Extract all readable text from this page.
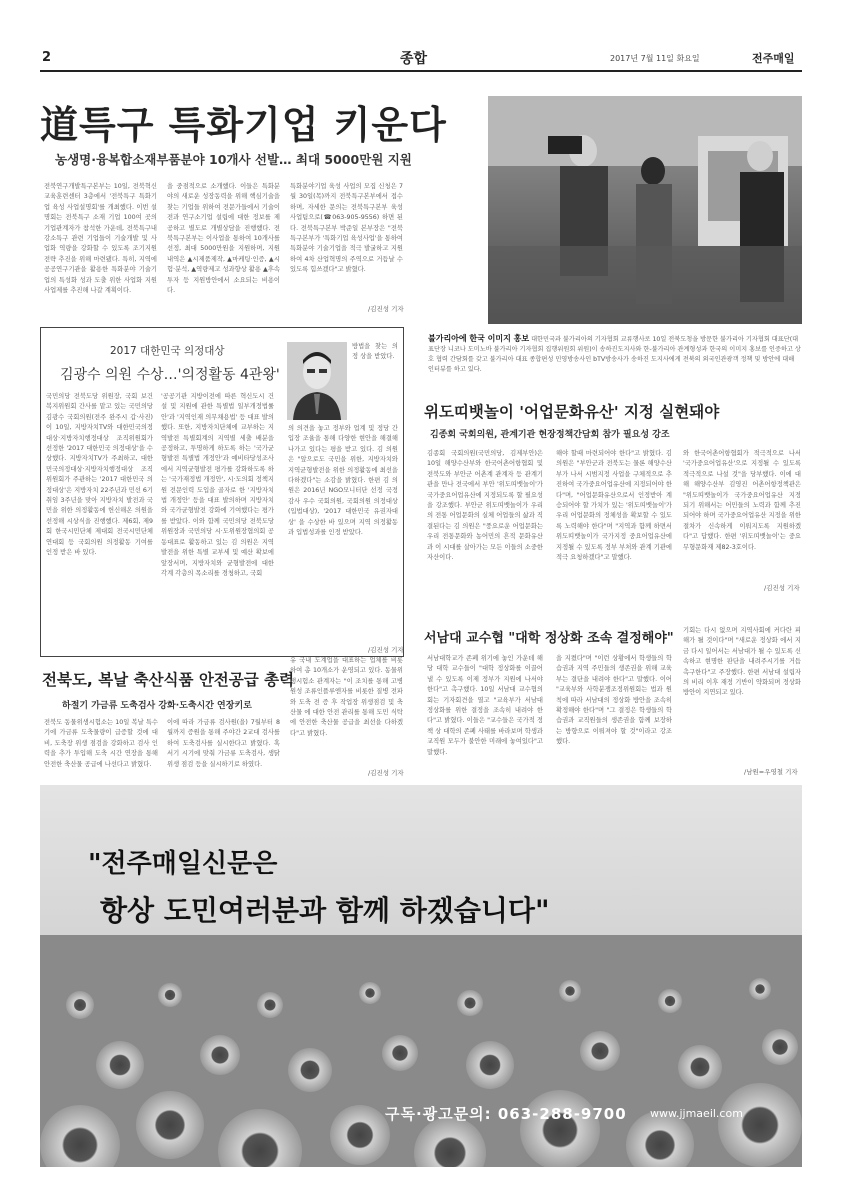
2	종합	2017년 7월 11일 화요일	전주매일
道특구 특화기업 키운다
농생명·융복합소재부품분야 10개사 선발… 최대 5000만원 지원
전북연구개발특구본부는 10일, 전북혁신교육훈련센터 3층에서 '전북특구 특화기업 육성 사업설명회'를 개최했다. 이번 설명회는 전북특구 소재 기업 100여 곳의 기업관계자가 참석한 가운데, 전북특구내 강소특구 관련 기업들이 기술개발 및 사업화 역량을 강화할 수 있도록 조기지원 전략 추진을 위해 마련됐다. 특히, 지역에 공공연구기관을 활용한 특화분야 기술기업의 특성화 성과 도출 위한 사업화 지원 사업제를 추진해 나갈 계획이다.
을 중점적으로 소개했다. 이들은 특화분야의 새로운 성장동력을 위해 핵심기술을 찾는 기업들 위하여 전문가들에서 기술이전과 연구소기업 설립에 대한 정보를 제공하고 별도로 개별상담을 진행했다. 전북특구본부는 이사업을 통하여 10개사를 선정, 최대 5000만원을 지원하며, 지원내역은 ▲시제품제작, ▲마케팅·인증, ▲시험·분석, ▲역량제고 성과향상 활용 ▲후속투자 등 지원방안에서 소요되는 비용이다.
특화분야기업 육성 사업의 모집 신청은 7월 30일(목)까지 전북특구본부에서 접수하며, 자세한 문의는 전북특구본부 육성사업팀으로(☎063-905-9556) 하면 된다. 전북특구본부 박준일 본부장은 "전북특구본부가 '특화기업 육성사업'을 통하여 특화분야 기술기업을 적극 발굴하고 지원하여 4차 산업혁명의 주역으로 거듭날 수 있도록 힘쓰겠다"고 밝혔다.
/김진성 기자
불가리아에 한국 이미지 홍보 대한민국과 불가리아의 기자협회 교류행사로 10일 전북도청을 방문한 불가리아 기자협회 대표단(대표단장 니코나 도미노바 불가리아 기자협회 집행위원회 위원)이 송하진도지사와 한-불가리아 관계형성과 한국의 이미지 홍보를 인증하고 상호 협력 간담회를 갖고 불가리아 대표 종합편성 민영방송사인 bTV방송사가 송하진 도지사에게 전북의 외국인관광객 정책 및 방안에 대해 인터뷰를 하고 있다.
2017 대한민국 의정대상
김광수 의원 수상…'의정활동 4관왕'
방법을 찾는 의정 상을 받았다.
국민의당 전북도당 위원장, 국회 보건복지위원회 간사를 맡고 있는 국민의당 김광수 국회의원(전주 완주시 갑·사진)이 10일, 지방자치TV와 대한민국의정대상·지방자치행정대상 조직위원회가 선정한 '2017 대한민국 의정대상'을 수상했다. 지방자치TV가 주최하고, 대한민국의정대상·지방자치행정대상 조직위원회가 주관하는 '2017 대한민국 의정대상'은 지방자치 22주년과 민선 6기 취임 3주년을 맞아 지방자치 발전과 국민을 위한 의정활동에 헌신해온 의원을 선정해 시상식을 진행했다. 제6회, 제9회 한국시민단체 제대회 전국시민단체연대회 등 국회의원 의정활동 기여를 인정 받은 바 있다.
'공공기관 지방이전에 따른 혁신도시 건설 및 지원에 관한 특별법 일부개정법률안'과 '지역인재 의무채용법' 등 대표 발의했다. 또한, 지방자치단체에 교부하는 지역발전 특별회계의 지역별 세출 배분을 공정하고, 투명하게 하도록 하는 '국가균형발전 특별법 개정안'과 예비타당성조사에서 지역균형발전 평가를 강화하도록 하는 '국가재정법 개정안', 시·도의회 정책지원 전문인력 도입을 골자로 한 '지방자치법 개정안' 등을 대표 발의하며 지방자치와 국가균형발전 강화에 기여했다는 평가를 받았다. 이와 함께 국민의당 전북도당 위원장과 국민의당 시·도위원장협의회 공동대표로 활동하고 있는 김 의원은 지역 발전을 위한 특별 교부세 및 예산 확보에 앞장서며, 지방자치와 균형발전에 대한 각계 각층의 목소리를 경청하고, 국회
의 의견을 놓고 정부와 업계 및 정당 간 입장 조율을 통해 다양한 현안을 해결해 나가고 있다는 평을 받고 있다. 김 의원은 "앞으로도 국민을 위한, 지방자치와 지역균형발전을 위한 의정활동에 최선을 다하겠다"는 소감을 밝혔다. 한편 김 의원은 2016년 NGO모니터단 선정 국정감사 우수 국회의원, 국회의원 의정대상(입법대상), '2017 대한민국 유권자대상' 을 수상한 바 있으며 지역 의정활동과 입법성과를 인정 받았다.
/김진성 기자
위도띠뱃놀이 '어업문화유산' 지정 실현돼야
김종회 국회의원, 관계기관 현장정책간담회 참가 필요성 강조
김종회 국회의원(국민의당, 김제부안)은 10일 해양수산부와 한국어촌어항협회 및 전북도와 부안군 어촌계 관계자 등 관계기관을 만나 전국에서 부안 '위도띠뱃놀이'가 국가중요어업유산에 지정되도록 할 필요성을 강조했다. 부안군 위도띠뱃놀이가 우리의 전통 어업문화의 실체 어업들의 삶과 직결된다는 김 의원은 "풍요로운 어업문화는 우리 전통문화와 농어민의 흔적 문화유산과 이 시대를 살아가는 모든 이들의 소중한 자산이다.
해야 할때 마련되어야 한다"고 밝혔다. 김 의원은 "부안군과 전북도는 물론 해양수산부가 나서 시범지정 사업을 구체적으로 추진하여 국가중요어업유산에 지정되어야 한다"며, "어업문화유산으로서 인정받아 계승되어야 할 가치가 있는 '위도띠뱃놀이'가 우리 어업문화의 정체성을 확보할 수 있도록 노력해야 한다"며 "지역과 함께 하면서 위도띠뱃놀이가 국가지정 중요어업유산에 지정될 수 있도록 정부 부처와 관계 기관에 적극 요청하겠다"고 말했다.
와 한국어촌어항협회가 적극적으로 나서 '국가중요어업유산'으로 지정될 수 있도록 적극적으로 나설 것"을 당부했다. 이에 대해 해양수산부 김영진 어촌어항정책관은 "위도띠뱃놀이가 국가중요어업유산 지정 되기 위해서는 어민들의 노력과 함께 추진되어야 하며 국가중요어업유산 지정을 위한 절차가 신속하게 이뤄지도록 지원하겠다"고 답했다. 한편 '위도띠뱃놀이'는 중요무형문화재 제82-3호이다.
/김진성 기자
전북도, 복날 축산식품 안전공급 총력
하절기 가금류 도축검사 강화·도축시간 연장키로
전북도 동물위생시험소는 10일 복날 특수기에 가금류 도축물량이 급증할 것에 대비, 도축장 위생 점검을 강화하고 검사 인력을 추가 투입해 도축 시간 연장을 통해 안전한 축산물 공급에 나선다고 밝혔다.
이에 따라 가금류 검사원(을) 7월부터 8월까지 증원을 통해 주야간 2교대 검사를 하여 도축검사를 실시한다고 밝혔다. 혹서기 시기에 맞춰 가금류 도축검사, 생닭 위생 점검 등을 실시하기로 하였다.
유 국내 도계업을 대표하는 업체를 비롯하여 총 10개소가 운영되고 있다. 동물위생시험소 관계자는 "이 조치를 통해 고병원성 조류인플루엔자를 비롯한 질병 전파와 도축 전 증 후 작업장 위생점검 및 축산물 에 대한 안전 관리를 통해 도민 식탁에 안전한 축산물 공급을 최선을 다하겠다"고 밝혔다.
/김진성 기자
서남대 교수협 "대학 정상화 조속 결정해야"
서남대학교가 존폐 위기에 놓인 가운데 해당 대학 교수들이 "대학 정상화를 이끌어낼 수 있도록 이제 정부가 지원에 나서야 한다"고 촉구했다. 10일 서남대 교수협의회는 기자회견을 열고 "교육부가 서남대 정상화를 위한 결정을 조속히 내려야 한다"고 밝혔다. 이들은 "교수들은 국가적 정책 상 대학의 존폐 사태를 바라보며 학생과 교직원 모두가 불안한 미래에 놓여있다"고 말했다.
을 지켰다"며 "이런 상황에서 학생들의 학습권과 지역 주민들의 생존권을 위해 교육부는 결단을 내려야 한다"고 말했다. 이어 "교육부와 사학분쟁조정위원회는 법과 원칙에 따라 서남대의 정상화 방안을 조속히 확정해야 한다"며 "그 결정은 학생들의 학습권과 교직원들의 생존권을 함께 보장하는 방향으로 이뤄져야 할 것"이라고 강조했다.
기회는 다시 없으며 지역사회에 커다란 피해가 될 것이다"며 "새로운 정상화 에서 지금 다시 일어서는 서남대가 될 수 있도록 신속하고 현명한 판단을 내려주시기를 거듭 촉구한다"고 주장했다. 한편 서남대 설립자의 비리 이후 재정 기반이 약화되며 정상화 방안이 지연되고 있다.
/남원=우영철 기자
"전주매일신문은
항상 도민여러분과 함께 하겠습니다"
구독·광고문의: 063-288-9700 www.jjmaeil.com
